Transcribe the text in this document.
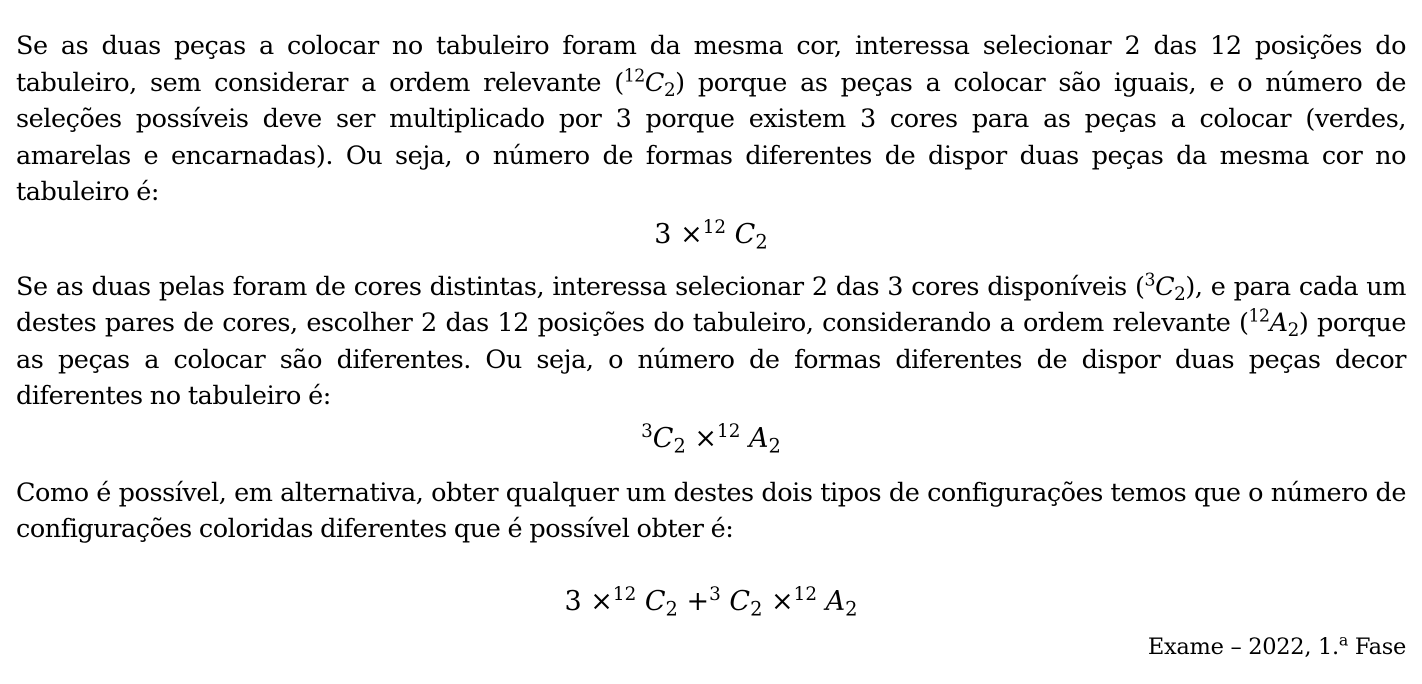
Se as duas peças a colocar no tabuleiro foram da mesma cor, interessa selecionar 2 das 12 posições do tabuleiro, sem considerar a ordem relevante $(^{12}C_2)$ porque as peças a colocar são iguais, e o número de seleções possíveis deve ser multiplicado por 3 porque existem 3 cores para as peças a colocar (verdes, amarelas e encarnadas). Ou seja, o número de formas diferentes de dispor duas peças da mesma cor no tabuleiro é:

3 ×$^{12}$ $C_2$

Se as duas pelas foram de cores distintas, interessa selecionar 2 das 3 cores disponíveis $(^3C_2)$, e para cada um destes pares de cores, escolher 2 das 12 posições do tabuleiro, considerando a ordem relevante $(^{12}A_2)$ porque as peças a colocar são diferentes. Ou seja, o número de formas diferentes de dispor duas peças decor diferentes no tabuleiro é:

$^3C_2 \times^{12}$ $A_2$

Como é possível, em alternativa, obter qualquer um destes dois tipos de configurações temos que o número de configurações coloridas diferentes que é possível obter é:

3 ×$^{12}$ $C_2 +^3$ $C_2 \times^{12}$ $A_2$
Exame – 2022, 1.$^a$ Fase
